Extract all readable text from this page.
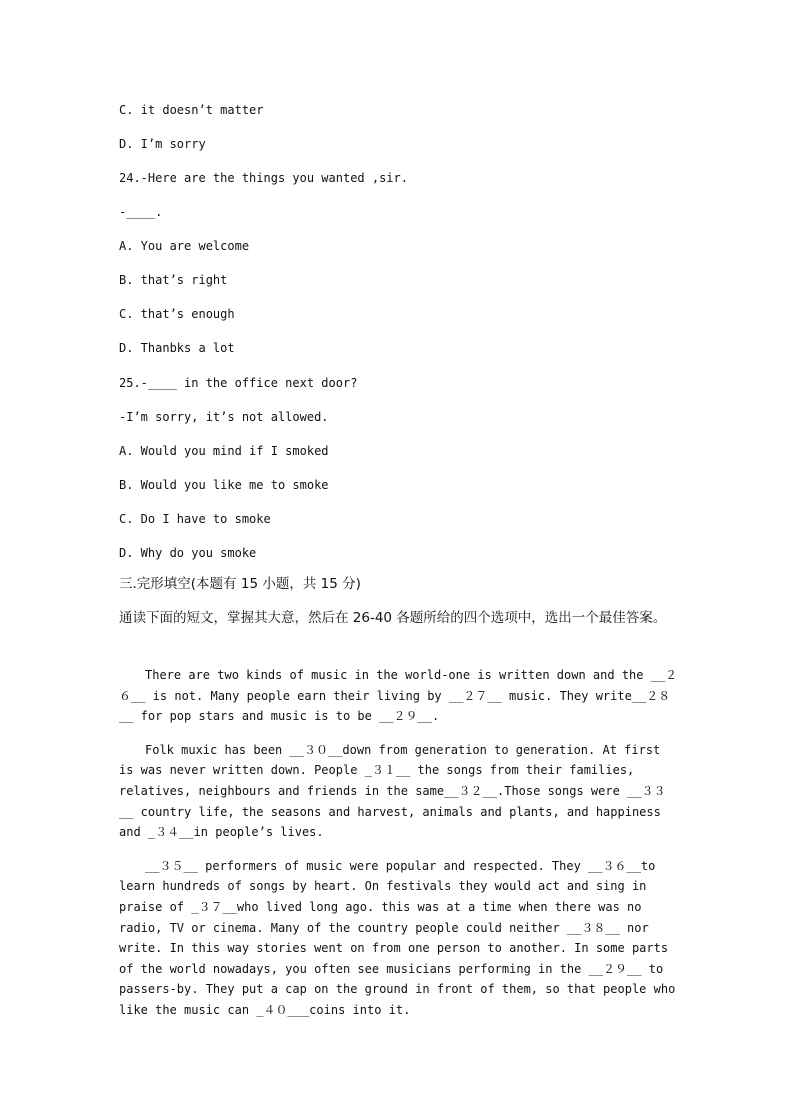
C. it doesn’t matter

D. I’m sorry

24.-Here are the things you wanted ,sir.

-____.

A. You are welcome

B. that’s right

C. that’s enough

D. Thanbks a lot

25.-____ in the office next door?

-I’m sorry, it’s not allowed.

A. Would you mind if I smoked

B. Would you like me to smoke

C. Do I have to smoke

D. Why do you smoke

三.完形填空(本题有 15 小题，共 15 分)

通读下面的短文，掌握其大意，然后在 26-40 各题所给的四个选项中，选出一个最佳答案。

There are two kinds of music in the world-one is written down and the __２６__ is not. Many people earn their living by __２７__ music. They write__２８__ for pop stars and music is to be __２９__.

Folk muxic has been __３０__down from generation to generation. At first is was never written down. People _３１__ the songs from their families, relatives, neighbours and friends in the same__３２__.Those songs were __３３__ country life, the seasons and harvest, animals and plants, and happiness and _３４__in people’s lives.

__３５__ performers of music were popular and respected. They __３６__to learn hundreds of songs by heart. On festivals they would act and sing in praise of _３７__who lived long ago. this was at a time when there was no radio, TV or cinema. Many of the country people could neither __３８__ nor write. In this way stories went on from one person to another. In some parts of the world nowadays, you often see musicians performing in the __２９__ to passers-by. They put a cap on the ground in front of them, so that people who like the music can _４０___coins into it.
